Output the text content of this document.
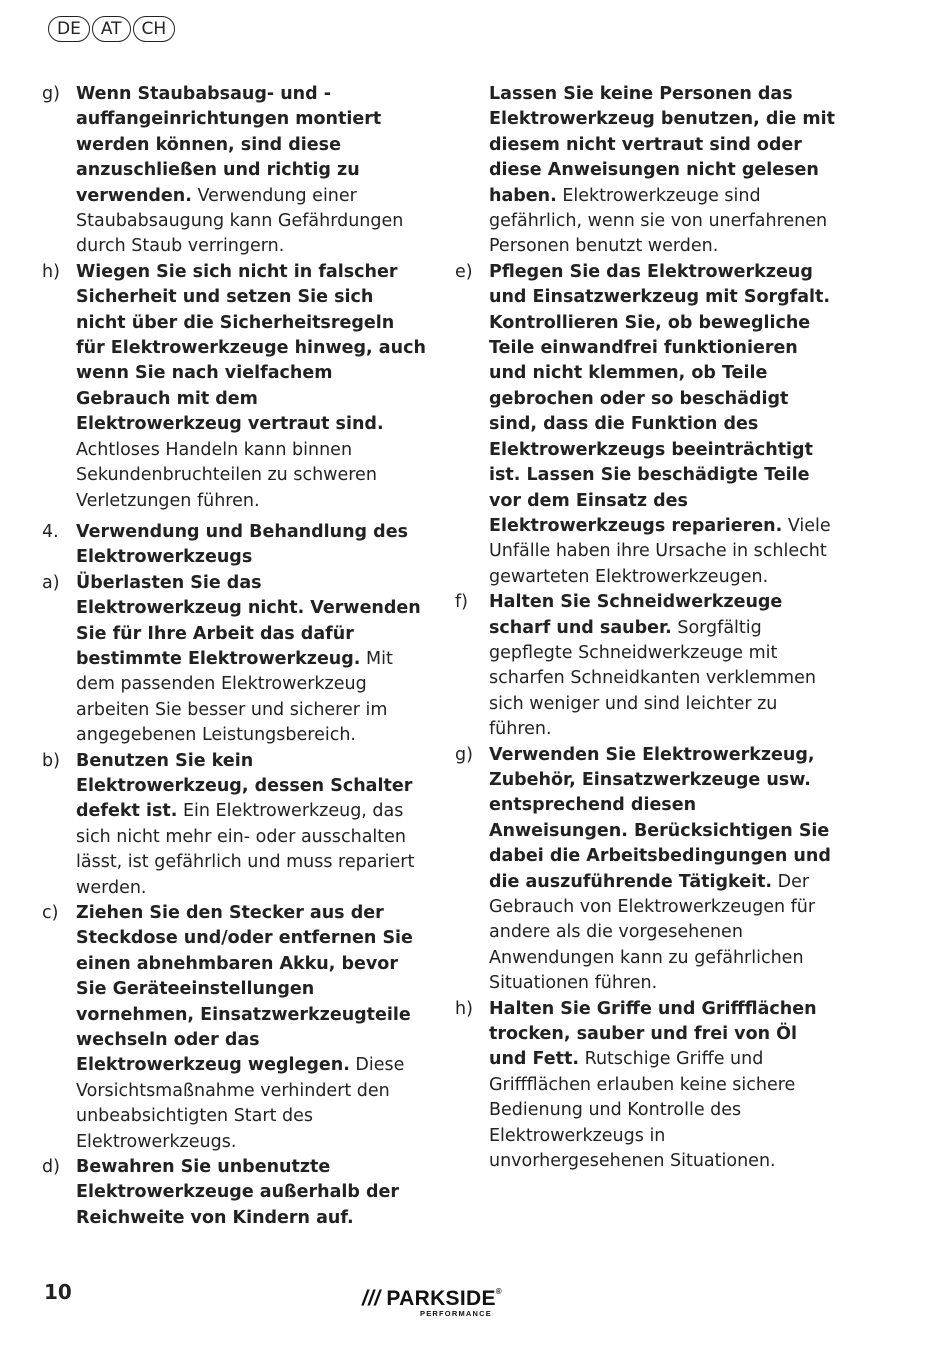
DE	AT	CH
g) Wenn Staubabsaug- und -auffangeinrichtungen montiert werden können, sind diese anzuschließen und richtig zu verwenden. Verwendung einer Staubabsaugung kann Gefährdungen durch Staub verringern.
h) Wiegen Sie sich nicht in falscher Sicherheit und setzen Sie sich nicht über die Sicherheitsregeln für Elektrowerkzeuge hinweg, auch wenn Sie nach vielfachem Gebrauch mit dem Elektrowerkzeug vertraut sind. Achtloses Handeln kann binnen Sekundenbruchteilen zu schweren Verletzungen führen.
4. Verwendung und Behandlung des Elektrowerkzeugs
a) Überlasten Sie das Elektrowerkzeug nicht. Verwenden Sie für Ihre Arbeit das dafür bestimmte Elektrowerkzeug. Mit dem passenden Elektrowerkzeug arbeiten Sie besser und sicherer im angegebenen Leistungsbereich.
b) Benutzen Sie kein Elektrowerkzeug, dessen Schalter defekt ist. Ein Elektrowerkzeug, das sich nicht mehr ein- oder ausschalten lässt, ist gefährlich und muss repariert werden.
c)	Ziehen Sie den Stecker aus der Steckdose und/oder entfernen Sie einen abnehmbaren Akku, bevor Sie Geräteeinstellungen vornehmen, Einsatzwerkzeugteile wechseln oder das Elektrowerkzeug weglegen. Diese Vorsichtsmaßnahme verhindert den unbeabsichtigten Start des Elektrowerkzeugs.
d) Bewahren Sie unbenutzte Elektrowerkzeuge außerhalb der Reichweite von Kindern auf.
Lassen Sie keine Personen das Elektrowerkzeug benutzen, die mit diesem nicht vertraut sind oder diese Anweisungen nicht gelesen haben. Elektrowerkzeuge sind gefährlich, wenn sie von unerfahrenen Personen benutzt werden.
e) Pflegen Sie das Elektrowerkzeug und Einsatzwerkzeug mit Sorgfalt. Kontrollieren Sie, ob bewegliche Teile einwandfrei funktionieren und nicht klemmen, ob Teile gebrochen oder so beschädigt sind, dass die Funktion des Elektrowerkzeugs beeinträchtigt ist. Lassen Sie beschädigte Teile vor dem Einsatz des Elektrowerkzeugs reparieren. Viele Unfälle haben ihre Ursache in schlecht gewarteten Elektrowerkzeugen.
f)	Halten Sie Schneidwerkzeuge scharf und sauber. Sorgfältig gepflegte Schneidwerkzeuge mit scharfen Schneidkanten verklemmen sich weniger und sind leichter zu führen.
g) Verwenden Sie Elektrowerkzeug, Zubehör, Einsatzwerkzeuge usw. entsprechend diesen Anweisungen. Berücksichtigen Sie dabei die Arbeitsbedingungen und die auszuführende Tätigkeit. Der Gebrauch von Elektrowerkzeugen für andere als die vorgesehenen Anwendungen kann zu gefährlichen Situationen führen.
h) Halten Sie Griffe und Griffflächen trocken, sauber und frei von Öl und Fett. Rutschige Griffe und Griffflächen erlauben keine sichere Bedienung und Kontrolle des Elektrowerkzeugs in unvorhergesehenen Situationen.
10	/// PARKSIDE®
PERFORMANCE
